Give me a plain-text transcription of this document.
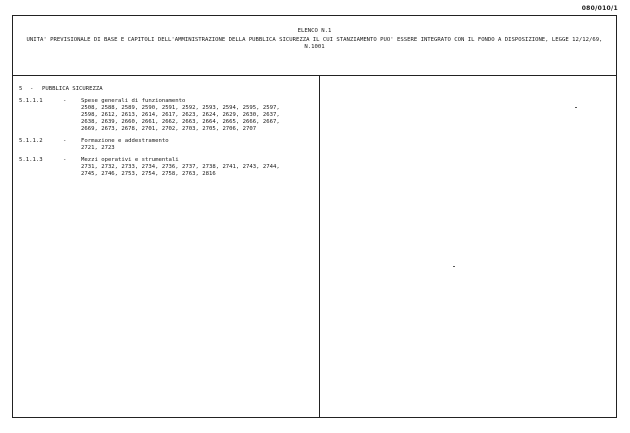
080/010/1
ELENCO N.1
UNITA' PREVISIONALE DI BASE E CAPITOLI DELL'AMMINISTRAZIONE DELLA PUBBLICA SICUREZZA IL CUI STANZIAMENTO PUO' ESSERE INTEGRATO CON IL FONDO A DISPOSIZIONE, LEGGE 12/12/69, N.1001
5 - PUBBLICA SICUREZZA
5.1.1.1	-	Spese generali di funzionamento
2508, 2588, 2589, 2590, 2591, 2592, 2593, 2594, 2595, 2597, 2598, 2612, 2613, 2614, 2617, 2623, 2624, 2629, 2630, 2637, 2638, 2639, 2660, 2661, 2662, 2663, 2664, 2665, 2666, 2667, 2669, 2673, 2678, 2701, 2702, 2703, 2705, 2706, 2707
5.1.1.2	-	Formazione e addestramento
2721, 2723
5.1.1.3	-	Mezzi operativi e strumentali
2731, 2732, 2733, 2734, 2736, 2737, 2738, 2741, 2743, 2744, 2745, 2746, 2753, 2754, 2758, 2763, 2816
